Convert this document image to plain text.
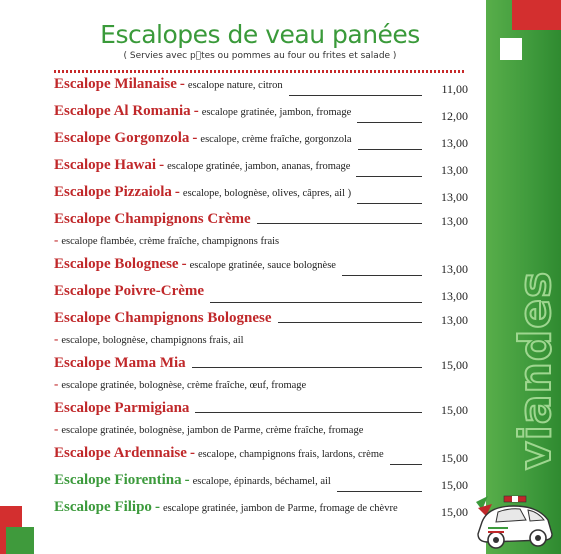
viandes
Escalopes de veau panées
( Servies avec p tes ou pommes au four ou frites et salade )
Escalope Milanaise - escalope nature, citron	11,00
Escalope Al Romania - escalope gratinée, jambon, fromage	12,00
Escalope Gorgonzola - escalope, crème fraîche, gorgonzola	13,00
Escalope Hawai - escalope gratinée, jambon, ananas, fromage	13,00
Escalope Pizzaiola - escalope, bolognèse, olives, câpres, ail )	13,00
Escalope Champignons Crème	13,00
- escalope flambée, crème fraîche, champignons frais
Escalope Bolognese - escalope gratinée, sauce bolognèse	13,00
Escalope Poivre-Crème	13,00
Escalope Champignons Bolognese	13,00
- escalope, bolognèse, champignons frais, ail
Escalope Mama Mia	15,00
- escalope gratinée, bolognèse, crème fraîche, œuf, fromage
Escalope Parmigiana	15,00
- escalope gratinée, bolognèse, jambon de Parme, crème fraîche, fromage
Escalope Ardennaise - escalope, champignons frais, lardons, crème	15,00
Escalope Fiorentina - escalope, épinards, béchamel, ail	15,00
Escalope Filipo - escalope gratinée, jambon de Parme, fromage de chèvre	15,00
